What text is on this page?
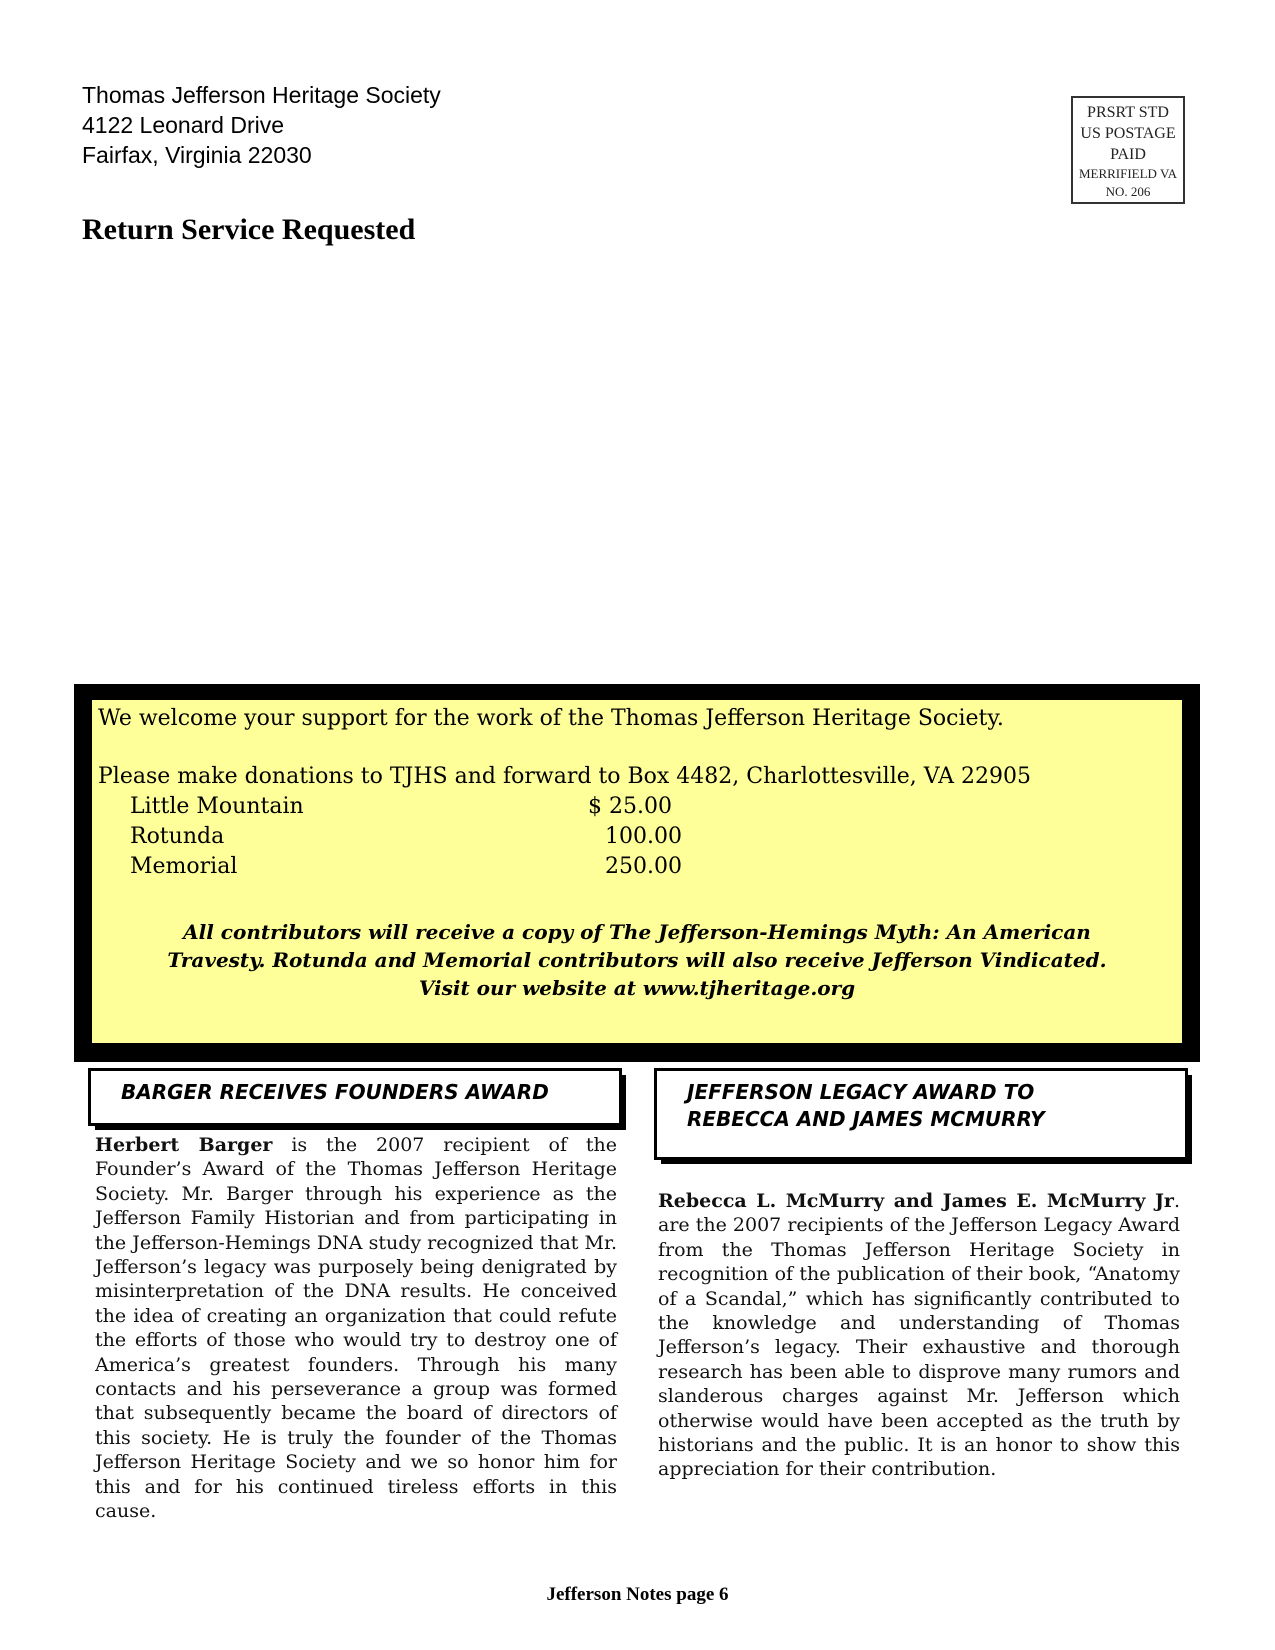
Thomas Jefferson Heritage Society
4122 Leonard Drive
Fairfax, Virginia 22030
PRSRT STD
US POSTAGE
PAID
MERRIFIELD VA
NO. 206
Return Service Requested
We welcome your support for the work of the Thomas Jefferson Heritage Society.
Please make donations to TJHS and forward to Box 4482, Charlottesville, VA 22905
Little Mountain	$ 25.00
Rotunda	100.00
Memorial	250.00
All contributors will receive a copy of The Jefferson-Hemings Myth: An American
Travesty. Rotunda and Memorial contributors will also receive Jefferson Vindicated.
Visit our website at www.tjheritage.org
BARGER RECEIVES FOUNDERS AWARD	JEFFERSON LEGACY AWARD TO
REBECCA AND JAMES MCMURRY
Herbert Barger is the 2007 recipient of the Founder’s Award of the Thomas Jefferson Heritage Society. Mr. Barger through his experience as the Jefferson Family Historian and from participating in the Jefferson-Hemings DNA study recognized that Mr. Jefferson’s legacy was purposely being denigrated by misinterpretation of the DNA results. He conceived the idea of creating an organization that could refute the efforts of those who would try to destroy one of America’s greatest founders. Through his many contacts and his perseverance a group was formed that subsequently became the board of directors of this society. He is truly the founder of the Thomas Jefferson Heritage Society and we so honor him for this and for his continued tireless efforts in this cause.
Rebecca L. McMurry and James E. McMurry Jr. are the 2007 recipients of the Jefferson Legacy Award from the Thomas Jefferson Heritage Society in recognition of the publication of their book, “Anatomy of a Scandal,” which has significantly contributed to the knowledge and understanding of Thomas Jefferson’s legacy. Their exhaustive and thorough research has been able to disprove many rumors and slanderous charges against Mr. Jefferson which otherwise would have been accepted as the truth by historians and the public. It is an honor to show this appreciation for their contribution.
Jefferson Notes page 6
